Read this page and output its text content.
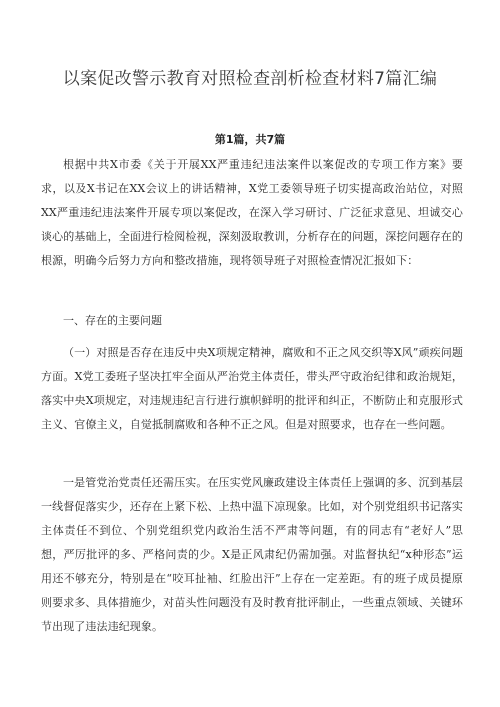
以案促改警示教育对照检查剖析检查材料7篇汇编

第1篇，共7篇

根据中共X市委《关于开展XX严重违纪违法案件以案促改的专项工作方案》要求，以及X书记在XX会议上的讲话精神，X党工委领导班子切实提高政治站位，对照XX严重违纪违法案件开展专项以案促改，在深入学习研讨、广泛征求意见、坦诚交心谈心的基础上，全面进行检阅检视，深刻汲取教训，分析存在的问题，深挖问题存在的根源，明确今后努力方向和整改措施，现将领导班子对照检查情况汇报如下：

一、存在的主要问题

（一）对照是否存在违反中央X项规定精神，腐败和不正之风交织等X风”顽疾问题方面。X党工委班子坚决扛牢全面从严治党主体责任，带头严守政治纪律和政治规矩，落实中央X项规定，对违规违纪言行进行旗帜鲜明的批评和纠正，不断防止和克服形式主义、官僚主义，自觉抵制腐败和各种不正之风。但是对照要求，也存在一些问题。

一是管党治党责任还需压实。在压实党风廉政建设主体责任上强调的多、沉到基层一线督促落实少，还存在上紧下松、上热中温下凉现象。比如，对个别党组织书记落实主体责任不到位、个别党组织党内政治生活不严肃等问题，有的同志有“老好人”思想，严厉批评的多、严格问责的少。X是正风肃纪仍需加强。对监督执纪“x种形态”运用还不够充分，特别是在“咬耳扯袖、红脸出汗”上存在一定差距。有的班子成员提原则要求多、具体措施少，对苗头性问题没有及时教育批评制止，一些重点领域、关键环节出现了违法违纪现象。
